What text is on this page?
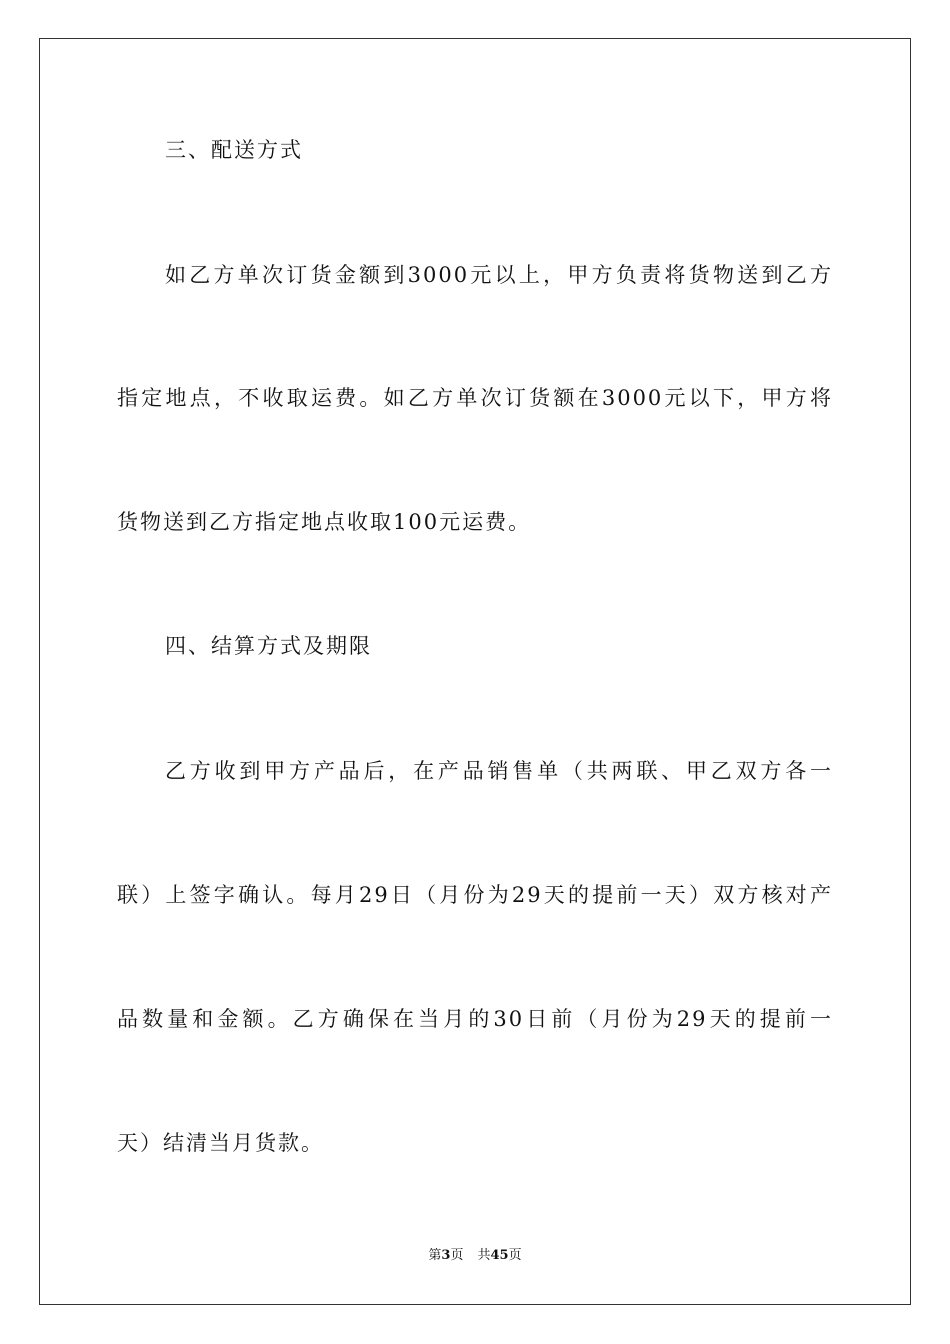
三、配送方式
如乙方单次订货金额到3000元以上，甲方负责将货物送到乙方
指定地点，不收取运费。如乙方单次订货额在3000元以下，甲方将
货物送到乙方指定地点收取100元运费。
四、结算方式及期限
乙方收到甲方产品后，在产品销售单（共两联、甲乙双方各一
联）上签字确认。每月29日（月份为29天的提前一天）双方核对产
品数量和金额。乙方确保在当月的30日前（月份为29天的提前一
天）结清当月货款。
第3页 共45页
